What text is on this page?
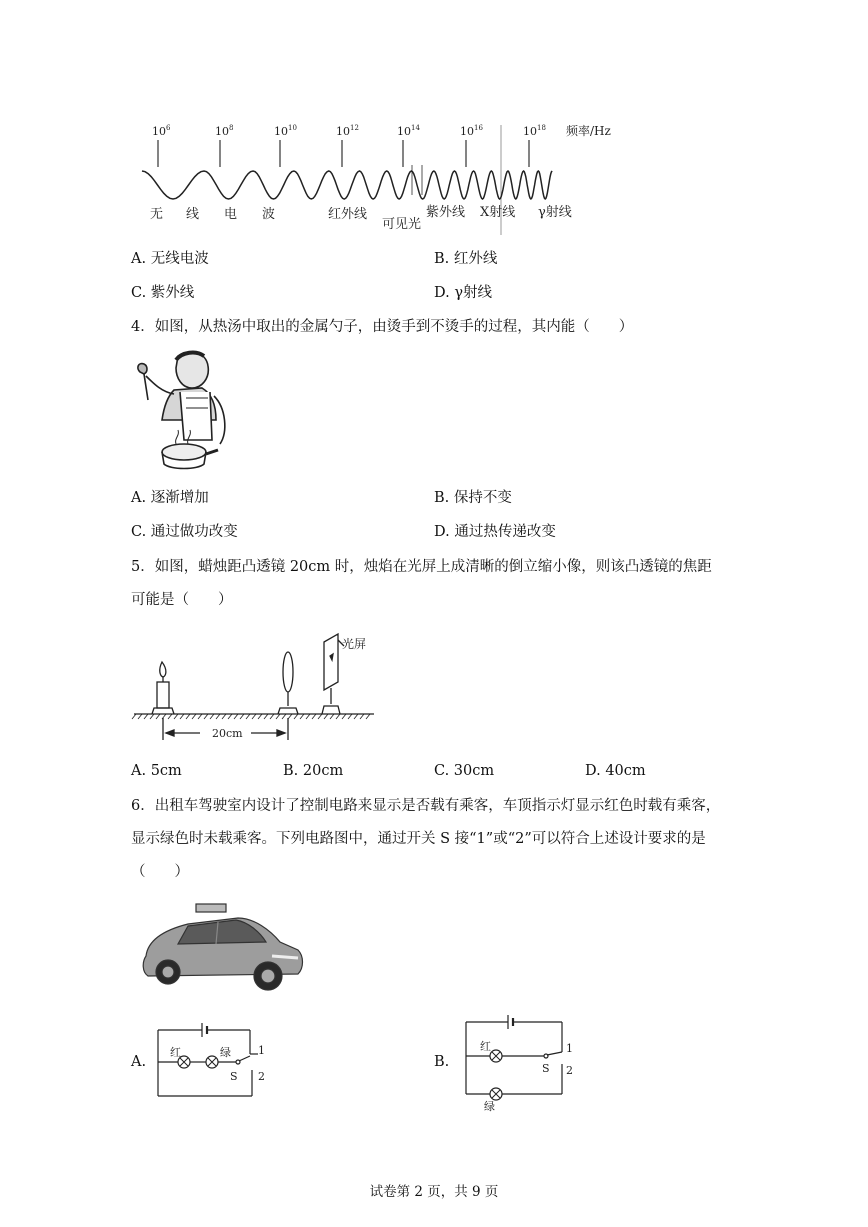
$10^6$	$10^8$	$10^{10}$	$10^{12}$	$10^{14}$	$10^{16}$	$10^{18}$ 频率/Hz
无 线 电 波	红外线
可见光
紫外线 X射线 γ射线
A. 无线电波	B. 红外线
C. 紫外线	D. γ射线
4．如图，从热汤中取出的金属勺子，由烫手到不烫手的过程，其内能（　　）
A. 逐渐增加	B. 保持不变
C. 通过做功改变	D. 通过热传递改变
5．如图，蜡烛距凸透镜 20cm 时，烛焰在光屏上成清晰的倒立缩小像，则该凸透镜的焦距
可能是（　　）
光屏
20cm
A. 5cm	B. 20cm	C. 30cm	D. 40cm
6．出租车驾驶室内设计了控制电路来显示是否载有乘客，车顶指示灯显示红色时载有乘客，
显示绿色时未载乘客。下列电路图中，通过开关 S 接“1”或“2”可以符合上述设计要求的是
（　　）
A.
红	绿
S
1
2
B.
红
绿
S
1
2
试卷第 2 页，共 9 页
